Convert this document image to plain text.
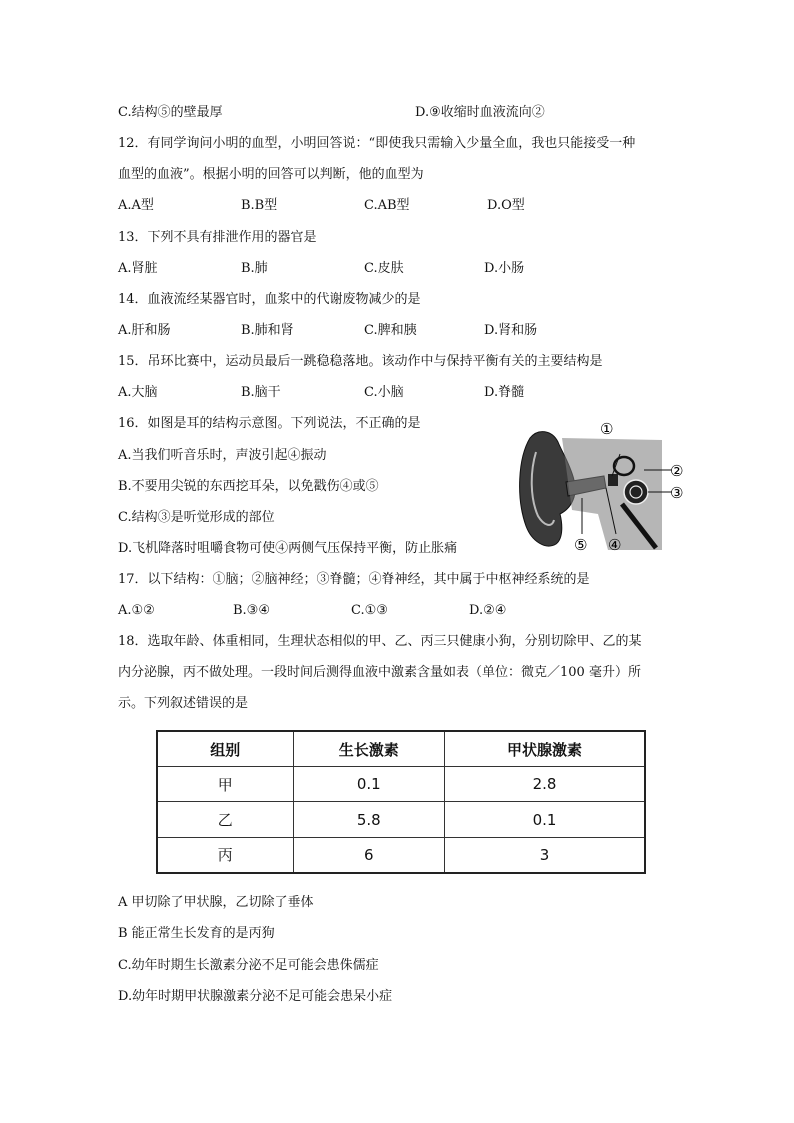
C.结构⑤的壁最厚	D.⑨收缩时血液流向②
12．有同学询问小明的血型，小明回答说：“即使我只需输入少量全血，我也只能接受一种
血型的血液”。根据小明的回答可以判断，他的血型为
A.A型	B.B型	C.AB型	D.O型
13．下列不具有排泄作用的器官是
A.肾脏	B.肺	C.皮肤	D.小肠
14．血液流经某器官时，血浆中的代谢废物减少的是
A.肝和肠	B.肺和肾	C.脾和胰	D.肾和肠
15．吊环比赛中，运动员最后一跳稳稳落地。该动作中与保持平衡有关的主要结构是
A.大脑	B.脑干	C.小脑	D.脊髓
16．如图是耳的结构示意图。下列说法，不正确的是
A.当我们听音乐时，声波引起④振动
B.不要用尖锐的东西挖耳朵，以免戳伤④或⑤
C.结构③是听觉形成的部位
D.飞机降落时咀嚼食物可使④两侧气压保持平衡，防止胀痛
①
②
③
④
⑤
17．以下结构：①脑；②脑神经；③脊髓；④脊神经，其中属于中枢神经系统的是
A.①②	B.③④	C.①③	D.②④
18．选取年龄、体重相同，生理状态相似的甲、乙、丙三只健康小狗，分别切除甲、乙的某
内分泌腺，丙不做处理。一段时间后测得血液中激素含量如表（单位：微克／100 毫升）所
示。下列叙述错误的是
组别	生长激素	甲状腺激素
甲	0.1	2.8
乙	5.8	0.1
丙	6	3
A 甲切除了甲状腺，乙切除了垂体
B 能正常生长发育的是丙狗
C.幼年时期生长激素分泌不足可能会患侏儒症
D.幼年时期甲状腺激素分泌不足可能会患呆小症
